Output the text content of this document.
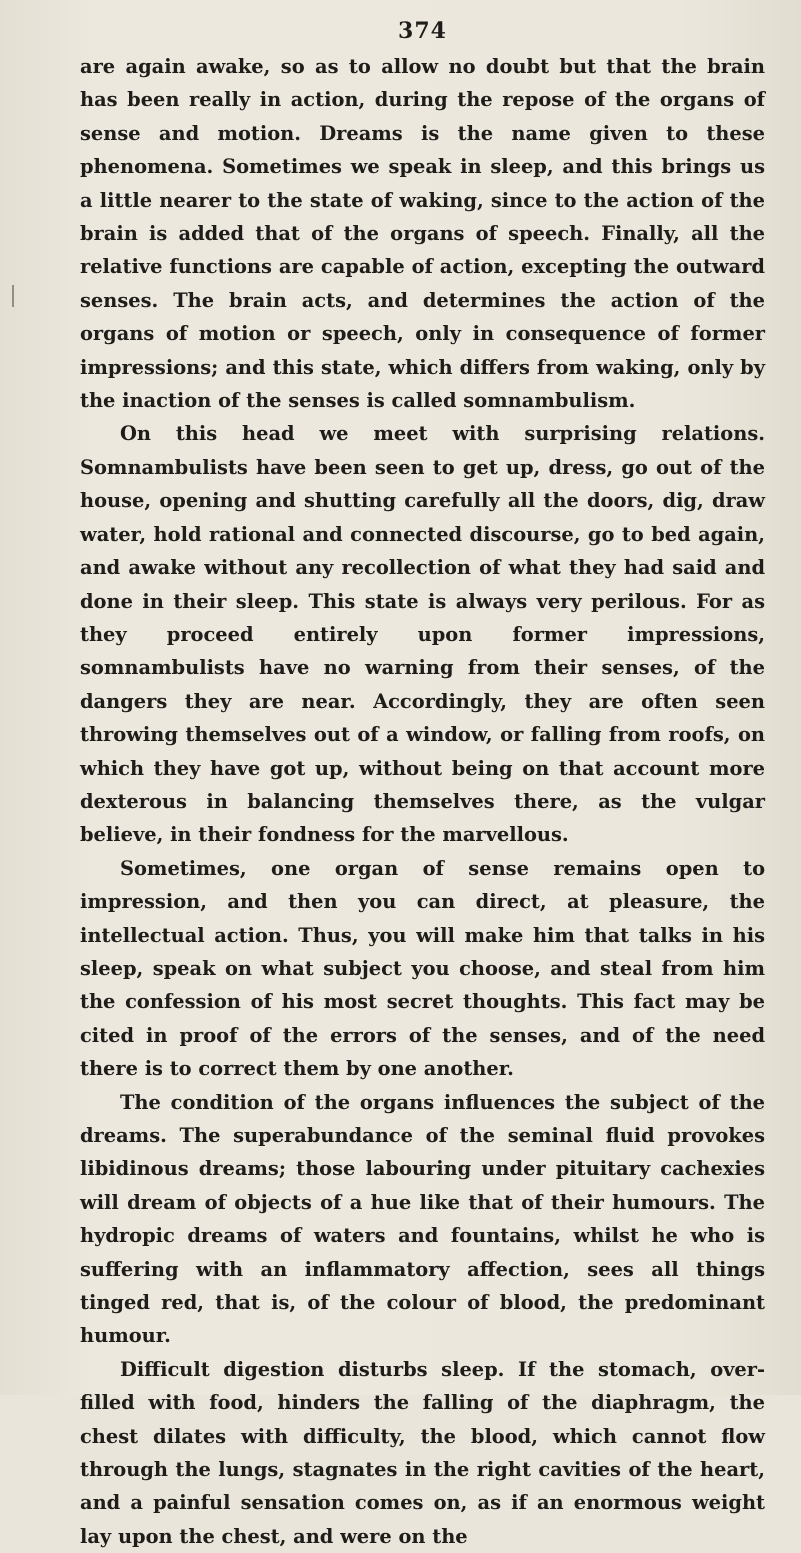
374

are again awake, so as to allow no doubt but that the brain has been really in action, during the repose of the organs of sense and motion. Dreams is the name given to these phenomena. Sometimes we speak in sleep, and this brings us a little nearer to the state of waking, since to the action of the brain is added that of the organs of speech. Finally, all the relative functions are capable of action, excepting the outward senses. The brain acts, and determines the action of the organs of motion or speech, only in consequence of former impressions; and this state, which differs from waking, only by the inaction of the senses is called somnambulism.

On this head we meet with surprising relations. Somnambulists have been seen to get up, dress, go out of the house, opening and shutting carefully all the doors, dig, draw water, hold rational and connected discourse, go to bed again, and awake without any recollection of what they had said and done in their sleep. This state is always very perilous. For as they proceed entirely upon former impressions, somnambulists have no warning from their senses, of the dangers they are near. Accordingly, they are often seen throwing themselves out of a window, or falling from roofs, on which they have got up, without being on that account more dexterous in balancing themselves there, as the vulgar believe, in their fondness for the marvellous.

Sometimes, one organ of sense remains open to impression, and then you can direct, at pleasure, the intellectual action. Thus, you will make him that talks in his sleep, speak on what subject you choose, and steal from him the confession of his most secret thoughts. This fact may be cited in proof of the errors of the senses, and of the need there is to correct them by one another.

The condition of the organs influences the subject of the dreams. The superabundance of the seminal fluid provokes libidinous dreams; those labouring under pituitary cachexies will dream of objects of a hue like that of their humours. The hydropic dreams of waters and fountains, whilst he who is suffering with an inflammatory affection, sees all things tinged red, that is, of the colour of blood, the predominant humour.

Difficult digestion disturbs sleep. If the stomach, over-filled with food, hinders the falling of the diaphragm, the chest dilates with difficulty, the blood, which cannot flow through the lungs, stagnates in the right cavities of the heart, and a painful sensation comes on, as if an enormous weight lay upon the chest, and were on the
